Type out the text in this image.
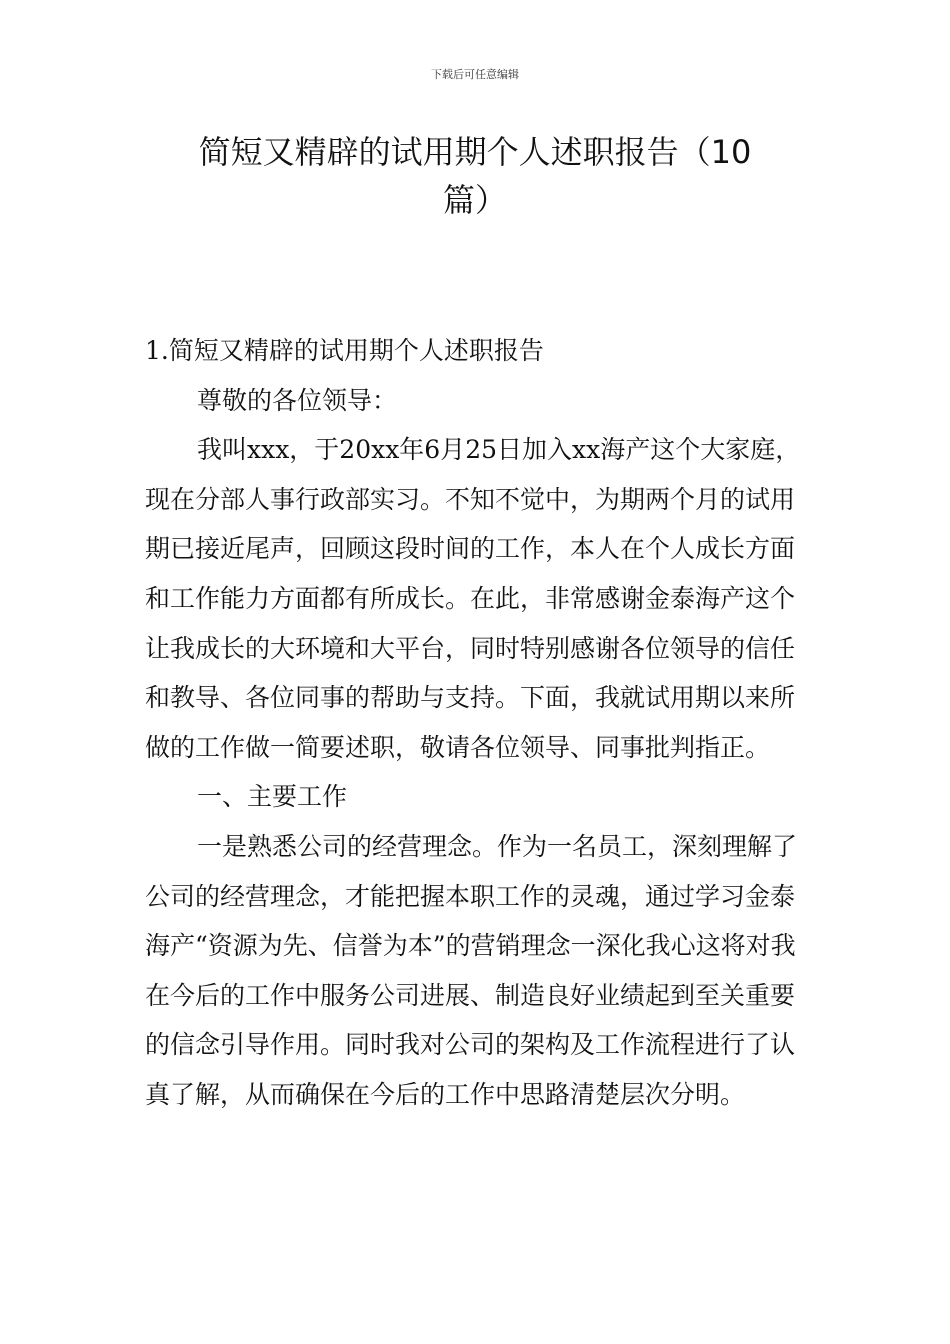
下载后可任意编辑
简短又精辟的试用期个人述职报告（10
篇）

1.简短又精辟的试用期个人述职报告

尊敬的各位领导：

我叫xxx，于20xx年6月25日加入xx海产这个大家庭，现在分部人事行政部实习。不知不觉中，为期两个月的试用期已接近尾声，回顾这段时间的工作，本人在个人成长方面和工作能力方面都有所成长。在此，非常感谢金泰海产这个让我成长的大环境和大平台，同时特别感谢各位领导的信任和教导、各位同事的帮助与支持。下面，我就试用期以来所做的工作做一简要述职，敬请各位领导、同事批判指正。

一、主要工作

一是熟悉公司的经营理念。作为一名员工，深刻理解了公司的经营理念，才能把握本职工作的灵魂，通过学习金泰海产“资源为先、信誉为本”的营销理念一深化我心这将对我在今后的工作中服务公司进展、制造良好业绩起到至关重要的信念引导作用。同时我对公司的架构及工作流程进行了认真了解，从而确保在今后的工作中思路清楚层次分明。
